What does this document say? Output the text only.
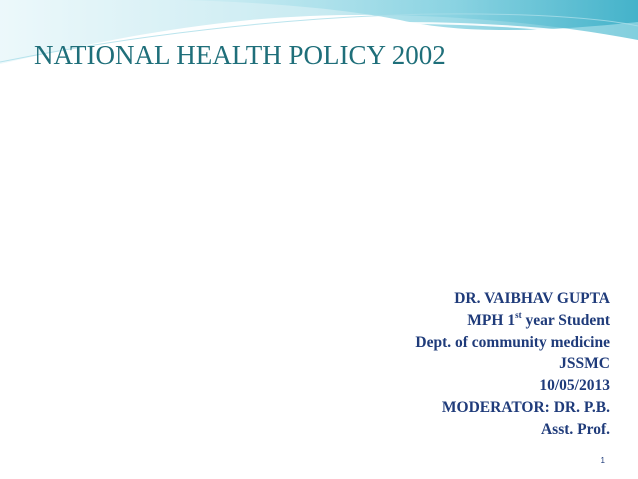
NATIONAL HEALTH POLICY 2002
DR. VAIBHAV GUPTA
MPH 1st year Student
Dept. of community medicine
JSSMC
10/05/2013
MODERATOR: DR. P.B.
Asst. Prof.
1
